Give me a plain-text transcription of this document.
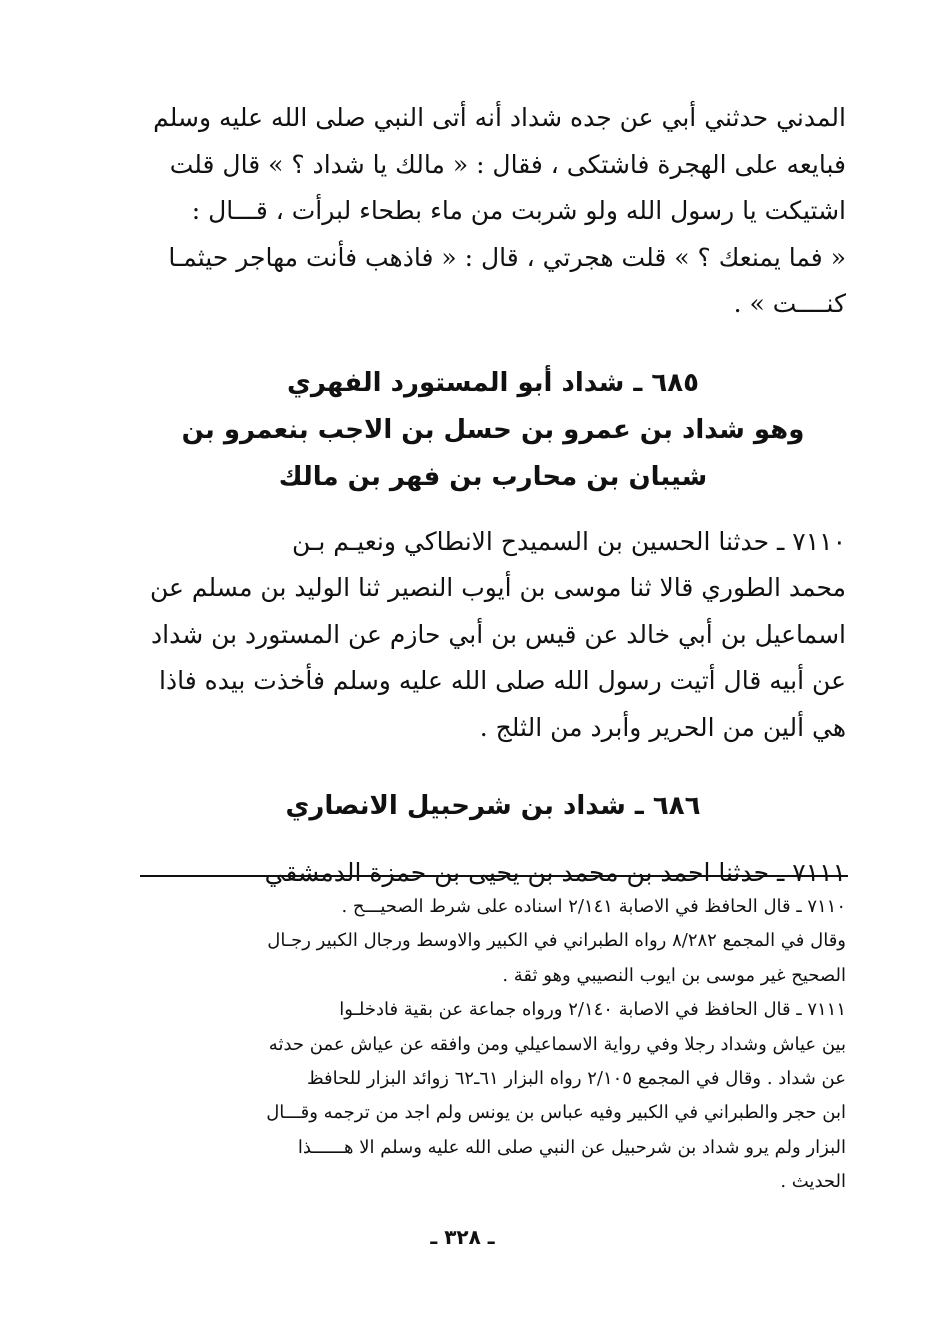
المدني حدثني أبي عن جده شداد أنه أتى النبي صلى الله عليه وسلم
فبايعه على الهجرة فاشتكى ، فقال : « مالك يا شداد ؟ » قال قلت
اشتيكت يا رسول الله ولو شربت من ماء بطحاء لبرأت ، قـــال :
« فما يمنعك ؟ » قلت هجرتي ، قال : « فاذهب فأنت مهاجر حيثمـا
كنــــت » .

٦٨٥ ـ شداد أبو المستورد الفهري
وهو شداد بن عمرو بن حسل بن الاجب بنعمرو بن
شيبان بن محارب بن فهر بن مالك

٧١١٠ ـ حدثنا الحسين بن السميدح الانطاكي ونعيـم بـن
محمد الطوري قالا ثنا موسى بن أيوب النصير ثنا الوليد بن مسلم عن
اسماعيل بن أبي خالد عن قيس بن أبي حازم عن المستورد بن شداد
عن أبيه قال أتيت رسول الله صلى الله عليه وسلم فأخذت بيده فاذا
هي ألين من الحرير وأبرد من الثلج .

٦٨٦ ـ شداد بن شرحبيل الانصاري

٧١١١ ـ حدثنا احمد بن محمد بن يحيى بن حمزة الدمشقي

٧١١٠ ـ قال الحافظ في الاصابة ٢/١٤١ اسناده على شرط الصحيـــح .
وقال في المجمع ٨/٢٨٢ رواه الطبراني في الكبير والاوسط ورجال الكبير رجـال
الصحيح غير موسى بن ايوب النصيبي وهو ثقة .
٧١١١ ـ قال الحافظ في الاصابة ٢/١٤٠ ورواه جماعة عن بقية فادخلـوا
بين عياش وشداد رجلا وفي رواية الاسماعيلي ومن وافقه عن عياش عمن حدثه
عن شداد . وقال في المجمع ٢/١٠٥ رواه البزار ٦١ـ٦٢ زوائد البزار للحافظ
ابن حجر والطبراني في الكبير وفيه عباس بن يونس ولم اجد من ترجمه وقـــال
البزار ولم يرو شداد بن شرحبيل عن النبي صلى الله عليه وسلم الا هــــــذا
الحديث .
ـ ٣٢٨ ـ
